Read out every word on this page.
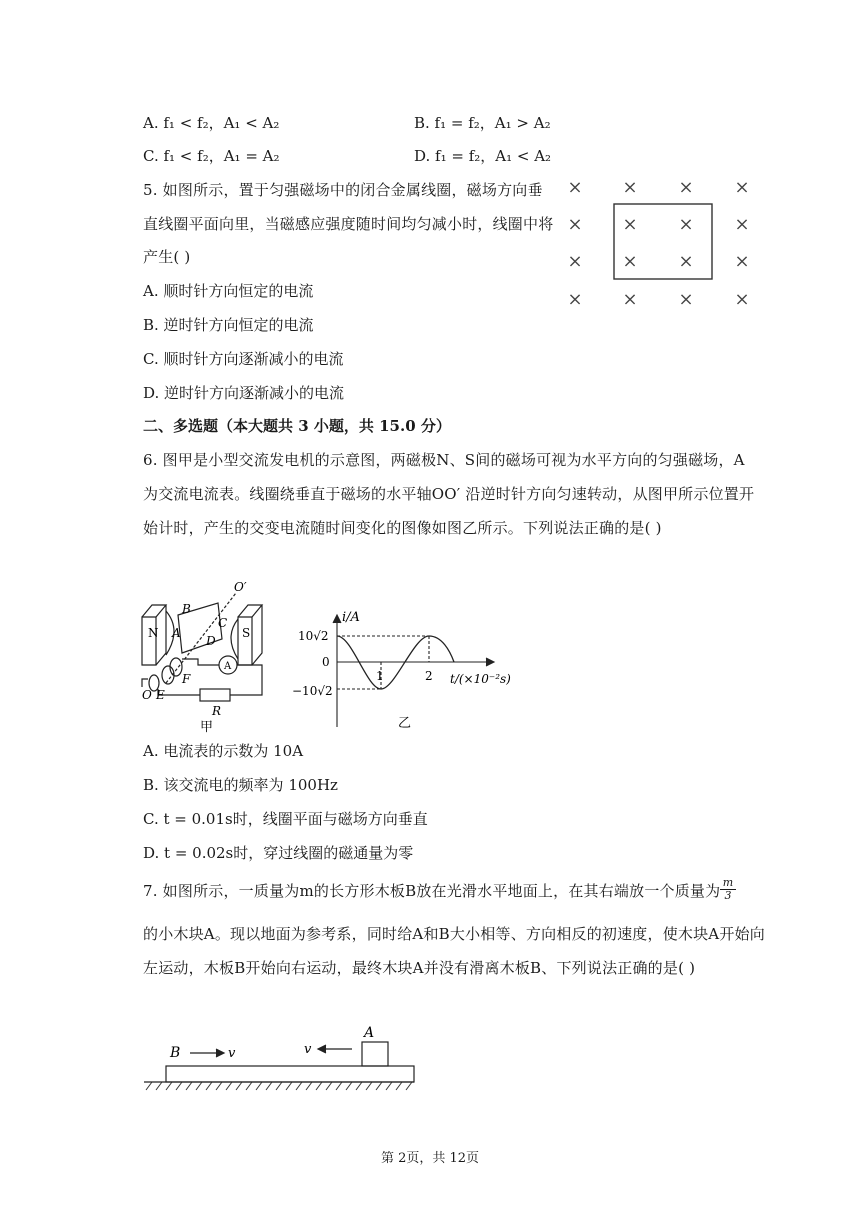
A. f₁ < f₂，A₁ < A₂	B. f₁ = f₂，A₁ > A₂
C. f₁ < f₂，A₁ = A₂	D. f₁ = f₂，A₁ < A₂
5. 如图所示，置于匀强磁场中的闭合金属线圈，磁场方向垂
直线圈平面向里，当磁感应强度随时间均匀减小时，线圈中将
产生( )
A. 顺时针方向恒定的电流
B. 逆时针方向恒定的电流
C. 顺时针方向逐渐减小的电流
D. 逆时针方向逐渐减小的电流
× × × ×
× × × ×
× × × ×
× × × ×
二、多选题（本大题共 3 小题，共 15.0 分）
6. 图甲是小型交流发电机的示意图，两磁极N、S间的磁场可视为水平方向的匀强磁场，A
为交流电流表。线圈绕垂直于磁场的水平轴OO′ 沿逆时针方向匀速转动，从图甲所示位置开
始计时，产生的交变电流随时间变化的图像如图乙所示。下列说法正确的是( )
N	S
A
B
C
D
O′
O E
F
R
A
甲
i/A
t/(×10⁻²s)
10√2
0
−10√2
1	2
乙
A. 电流表的示数为 10A
B. 该交流电的频率为 100Hz
C. t = 0.01s时，线圈平面与磁场方向垂直
D. t = 0.02s时，穿过线圈的磁通量为零
7. 如图所示，一质量为m的长方形木板B放在光滑水平地面上，在其右端放一个质量为 $\frac{m}{3}$
的小木块A。现以地面为参考系，同时给A和B大小相等、方向相反的初速度，使木块A开始向
左运动，木板B开始向右运动，最终木块A并没有滑离木板B、下列说法正确的是( )
B	v	v
A
第 2页，共 12页
